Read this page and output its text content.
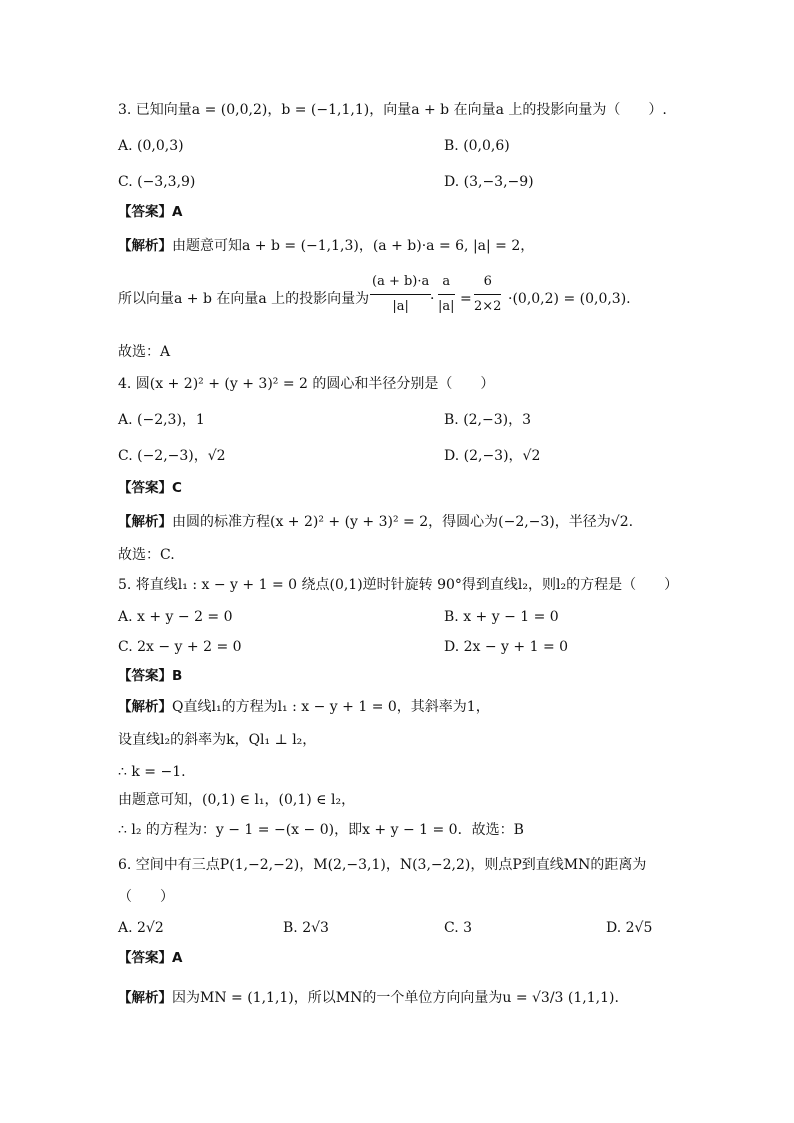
3. 已知向量a = (0,0,2)，b = (−1,1,1)，向量a + b 在向量a 上的投影向量为（　　）.
A. (0,0,3)	B. (0,0,6)
C. (−3,3,9)	D. (3,−3,−9)
【答案】A
【解析】由题意可知a + b = (−1,1,3)，(a + b)·a = 6, |a| = 2，
所以向量a + b 在向量a 上的投影向量为
(a + b)·a
|a|	·
a
|a| =
6
2×2 ·(0,0,2) = (0,0,3).
故选：A
4. 圆(x + 2)² + (y + 3)² = 2 的圆心和半径分别是（　　）
A. (−2,3)，1	B. (2,−3)，3
C. (−2,−3)，√2	D. (2,−3)，√2
【答案】C
【解析】由圆的标准方程(x + 2)² + (y + 3)² = 2，得圆心为(−2,−3)，半径为√2.
故选：C.
5. 将直线l₁ : x − y + 1 = 0 绕点(0,1)逆时针旋转 90°得到直线l₂，则l₂的方程是（　　）
A. x + y − 2 = 0	B. x + y − 1 = 0
C. 2x − y + 2 = 0	D. 2x − y + 1 = 0
【答案】B
【解析】Q直线l₁的方程为l₁ : x − y + 1 = 0，其斜率为1，
设直线l₂的斜率为k，Ql₁ ⊥ l₂，
∴ k = −1.
由题意可知，(0,1) ∈ l₁，(0,1) ∈ l₂，
∴ l₂ 的方程为：y − 1 = −(x − 0)，即x + y − 1 = 0．故选：B
6. 空间中有三点P(1,−2,−2)，M(2,−3,1)，N(3,−2,2)，则点P到直线MN的距离为
（　　）
A. 2√2	B. 2√3	C. 3	D. 2√5
【答案】A
【解析】因为MN = (1,1,1)，所以MN的一个单位方向向量为u = √3/3 (1,1,1).
